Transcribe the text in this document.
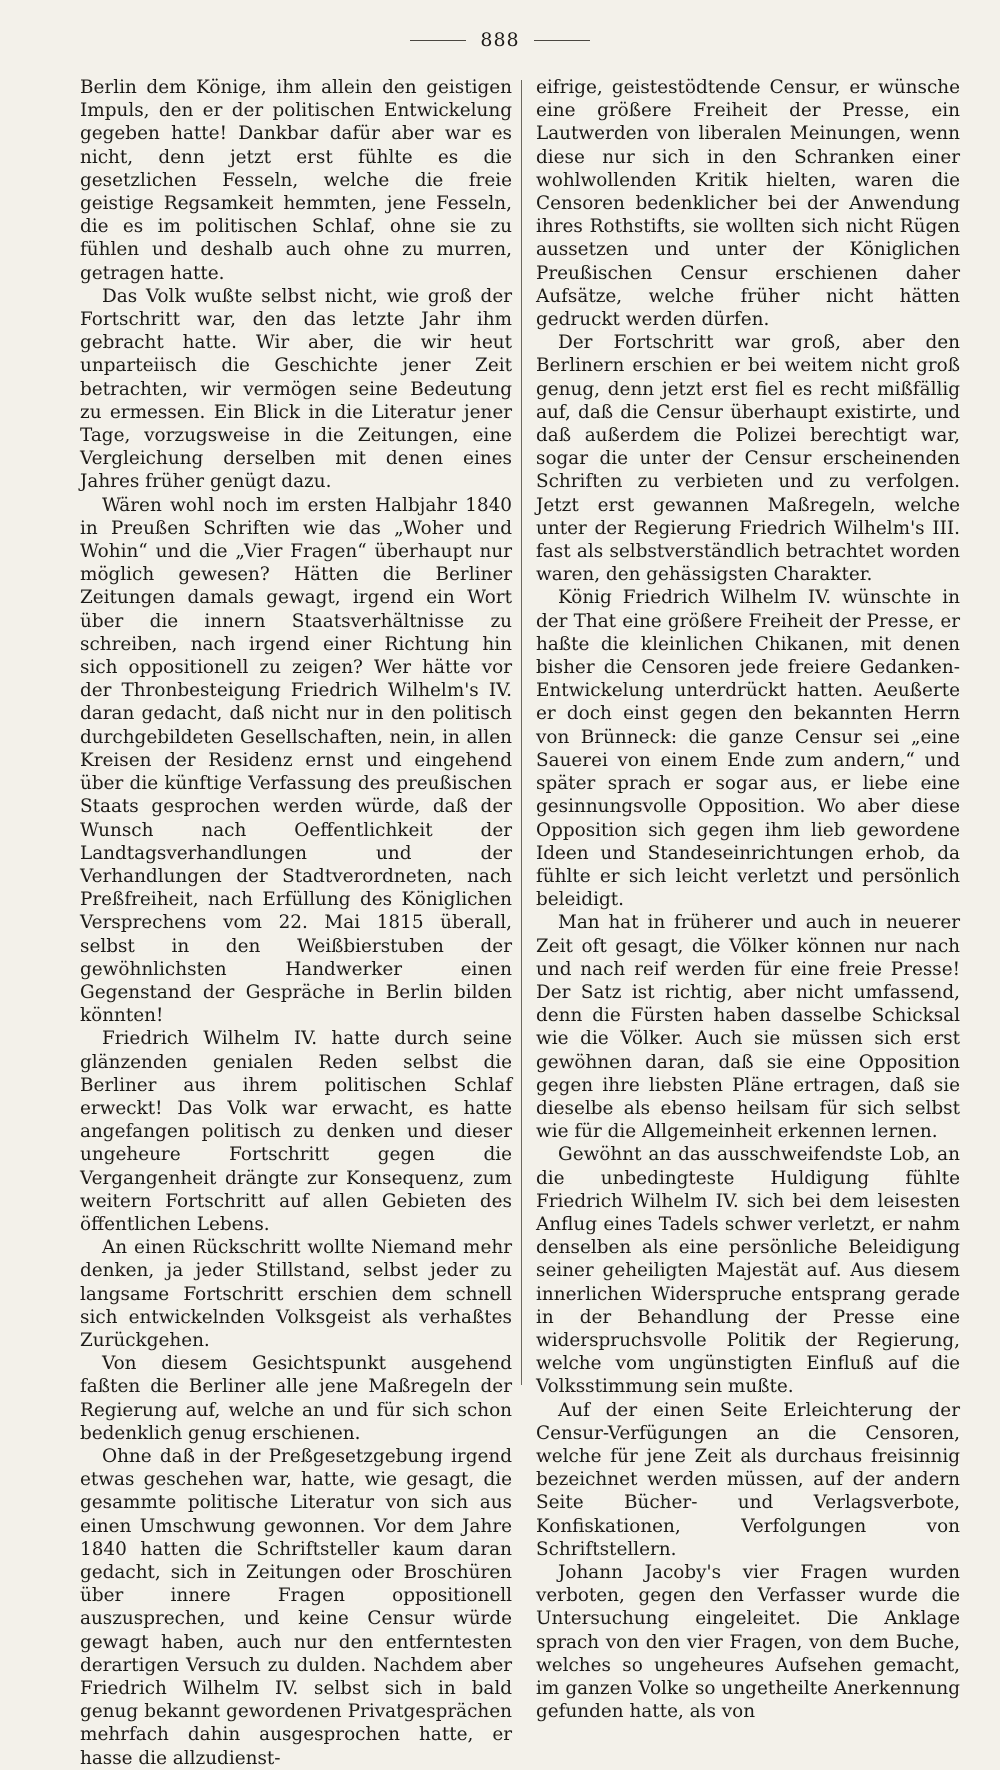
888

Berlin dem Könige, ihm allein den geistigen Impuls, den er der politischen Entwickelung gegeben hatte! Dankbar dafür aber war es nicht, denn jetzt erst fühlte es die gesetzlichen Fesseln, welche die freie geistige Regsamkeit hemmten, jene Fesseln, die es im politischen Schlaf, ohne sie zu fühlen und deshalb auch ohne zu murren, getragen hatte.

Das Volk wußte selbst nicht, wie groß der Fortschritt war, den das letzte Jahr ihm gebracht hatte. Wir aber, die wir heut unparteiisch die Geschichte jener Zeit betrachten, wir vermögen seine Bedeutung zu ermessen. Ein Blick in die Literatur jener Tage, vorzugsweise in die Zeitungen, eine Vergleichung derselben mit denen eines Jahres früher genügt dazu.

Wären wohl noch im ersten Halbjahr 1840 in Preußen Schriften wie das „Woher und Wohin“ und die „Vier Fragen“ überhaupt nur möglich gewesen? Hätten die Berliner Zeitungen damals gewagt, irgend ein Wort über die innern Staatsverhältnisse zu schreiben, nach irgend einer Richtung hin sich oppositionell zu zeigen? Wer hätte vor der Thronbesteigung Friedrich Wilhelm's IV. daran gedacht, daß nicht nur in den politisch durchgebildeten Gesellschaften, nein, in allen Kreisen der Residenz ernst und eingehend über die künftige Verfassung des preußischen Staats gesprochen werden würde, daß der Wunsch nach Oeffentlichkeit der Landtagsverhandlungen und der Verhandlungen der Stadtverordneten, nach Preßfreiheit, nach Erfüllung des Königlichen Versprechens vom 22. Mai 1815 überall, selbst in den Weißbierstuben der gewöhnlichsten Handwerker einen Gegenstand der Gespräche in Berlin bilden könnten!

Friedrich Wilhelm IV. hatte durch seine glänzenden genialen Reden selbst die Berliner aus ihrem politischen Schlaf erweckt! Das Volk war erwacht, es hatte angefangen politisch zu denken und dieser ungeheure Fortschritt gegen die Vergangenheit drängte zur Konsequenz, zum weitern Fortschritt auf allen Gebieten des öffentlichen Lebens.

An einen Rückschritt wollte Niemand mehr denken, ja jeder Stillstand, selbst jeder zu langsame Fortschritt erschien dem schnell sich entwickelnden Volksgeist als verhaßtes Zurückgehen.

Von diesem Gesichtspunkt ausgehend faßten die Berliner alle jene Maßregeln der Regierung auf, welche an und für sich schon bedenklich genug erschienen.

Ohne daß in der Preßgesetzgebung irgend etwas geschehen war, hatte, wie gesagt, die gesammte politische Literatur von sich aus einen Umschwung gewonnen. Vor dem Jahre 1840 hatten die Schriftsteller kaum daran gedacht, sich in Zeitungen oder Broschüren über innere Fragen oppositionell auszusprechen, und keine Censur würde gewagt haben, auch nur den entferntesten derartigen Versuch zu dulden. Nachdem aber Friedrich Wilhelm IV. selbst sich in bald genug bekannt gewordenen Privatgesprächen mehrfach dahin ausgesprochen hatte, er hasse die allzudienst-

eifrige, geistestödtende Censur, er wünsche eine größere Freiheit der Presse, ein Lautwerden von liberalen Meinungen, wenn diese nur sich in den Schranken einer wohlwollenden Kritik hielten, waren die Censoren bedenklicher bei der Anwendung ihres Rothstifts, sie wollten sich nicht Rügen aussetzen und unter der Königlichen Preußischen Censur erschienen daher Aufsätze, welche früher nicht hätten gedruckt werden dürfen.

Der Fortschritt war groß, aber den Berlinern erschien er bei weitem nicht groß genug, denn jetzt erst fiel es recht mißfällig auf, daß die Censur überhaupt existirte, und daß außerdem die Polizei berechtigt war, sogar die unter der Censur erscheinenden Schriften zu verbieten und zu verfolgen. Jetzt erst gewannen Maßregeln, welche unter der Regierung Friedrich Wilhelm's III. fast als selbstverständlich betrachtet worden waren, den gehässigsten Charakter.

König Friedrich Wilhelm IV. wünschte in der That eine größere Freiheit der Presse, er haßte die kleinlichen Chikanen, mit denen bisher die Censoren jede freiere Gedanken-Entwickelung unterdrückt hatten. Aeußerte er doch einst gegen den bekannten Herrn von Brünneck: die ganze Censur sei „eine Sauerei von einem Ende zum andern,“ und später sprach er sogar aus, er liebe eine gesinnungsvolle Opposition. Wo aber diese Opposition sich gegen ihm lieb gewordene Ideen und Standeseinrichtungen erhob, da fühlte er sich leicht verletzt und persönlich beleidigt.

Man hat in früherer und auch in neuerer Zeit oft gesagt, die Völker können nur nach und nach reif werden für eine freie Presse! Der Satz ist richtig, aber nicht umfassend, denn die Fürsten haben dasselbe Schicksal wie die Völker. Auch sie müssen sich erst gewöhnen daran, daß sie eine Opposition gegen ihre liebsten Pläne ertragen, daß sie dieselbe als ebenso heilsam für sich selbst wie für die Allgemeinheit erkennen lernen.

Gewöhnt an das ausschweifendste Lob, an die unbedingteste Huldigung fühlte Friedrich Wilhelm IV. sich bei dem leisesten Anflug eines Tadels schwer verletzt, er nahm denselben als eine persönliche Beleidigung seiner geheiligten Majestät auf. Aus diesem innerlichen Widerspruche entsprang gerade in der Behandlung der Presse eine widerspruchsvolle Politik der Regierung, welche vom ungünstigten Einfluß auf die Volksstimmung sein mußte.

Auf der einen Seite Erleichterung der Censur-Verfügungen an die Censoren, welche für jene Zeit als durchaus freisinnig bezeichnet werden müssen, auf der andern Seite Bücher- und Verlagsverbote, Konfiskationen, Verfolgungen von Schriftstellern.

Johann Jacoby's vier Fragen wurden verboten, gegen den Verfasser wurde die Untersuchung eingeleitet. Die Anklage sprach von den vier Fragen, von dem Buche, welches so ungeheures Aufsehen gemacht, im ganzen Volke so ungetheilte Anerkennung gefunden hatte, als von
